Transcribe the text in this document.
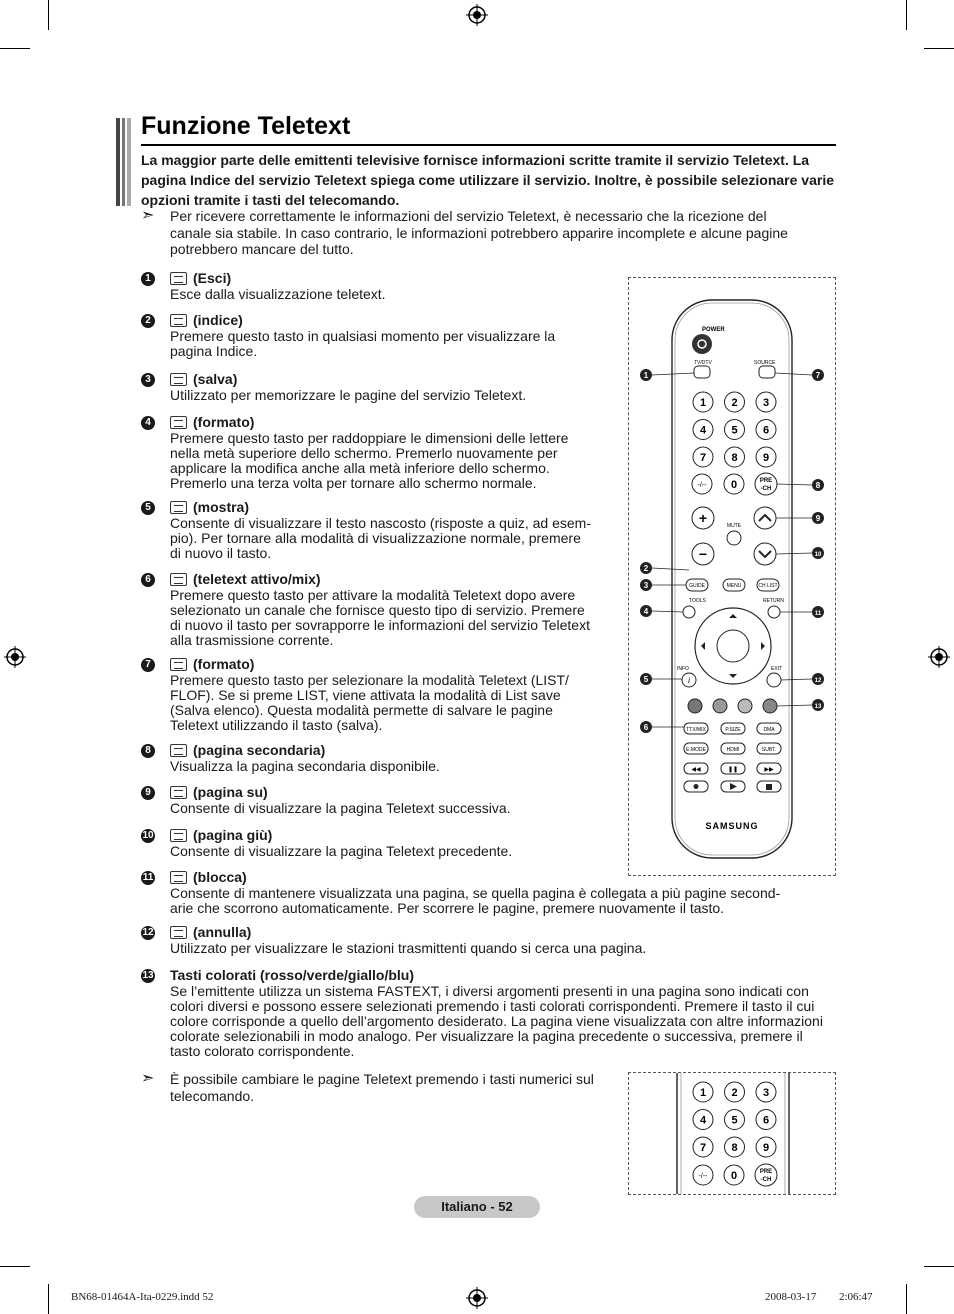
Funzione Teletext
La maggior parte delle emittenti televisive fornisce informazioni scritte tramite il servizio Teletext. La pagina Indice del servizio Teletext spiega come utilizzare il servizio. Inoltre, è possibile selezionare varie opzioni tramite i tasti del telecomando.
➣ Per ricevere correttamente le informazioni del servizio Teletext, è necessario che la ricezione del
canale sia stabile. In caso contrario, le informazioni potrebbero apparire incomplete e alcune pagine
potrebbero mancare del tutto.
1	(Esci)
Esce dalla visualizzazione teletext.
2	(indice)
Premere questo tasto in qualsiasi momento per visualizzare la
pagina Indice.
3	(salva)
Utilizzato per memorizzare le pagine del servizio Teletext.
4	(formato)
Premere questo tasto per raddoppiare le dimensioni delle lettere
nella metà superiore dello schermo. Premerlo nuovamente per
applicare la modifica anche alla metà inferiore dello schermo.
Premerlo una terza volta per tornare allo schermo normale.
5	(mostra)
Consente di visualizzare il testo nascosto (risposte a quiz, ad esem-
pio). Per tornare alla modalità di visualizzazione normale, premere
di nuovo il tasto.
6	(teletext attivo/mix)
Premere questo tasto per attivare la modalità Teletext dopo avere
selezionato un canale che fornisce questo tipo di servizio. Premere
di nuovo il tasto per sovrapporre le informazioni del servizio Teletext
alla trasmissione corrente.
7	(formato)
Premere questo tasto per selezionare la modalità Teletext (LIST/
FLOF). Se si preme LIST, viene attivata la modalità di List save
(Salva elenco). Questa modalità permette di salvare le pagine
Teletext utilizzando il tasto (salva).
8	(pagina secondaria)
Visualizza la pagina secondaria disponibile.
9	(pagina su)
Consente di visualizzare la pagina Teletext successiva.
10	(pagina giù)
Consente di visualizzare la pagina Teletext precedente.
11	(blocca)
Consente di mantenere visualizzata una pagina, se quella pagina è collegata a più pagine second-
arie che scorrono automaticamente. Per scorrere le pagine, premere nuovamente il tasto.
12	(annulla)
Utilizzato per visualizzare le stazioni trasmittenti quando si cerca una pagina.
13 Tasti colorati (rosso/verde/giallo/blu)
Se l’emittente utilizza un sistema FASTEXT, i diversi argomenti presenti in una pagina sono indicati con
colori diversi e possono essere selezionati premendo i tasti colorati corrispondenti. Premere il tasto il cui
colore corrisponde a quello dell’argomento desiderato. La pagina viene visualizzata con altre informazioni
colorate selezionabili in modo analogo. Per visualizzare la pagina precedente o successiva, premere il
tasto colorato corrispondente.
➣ È possibile cambiare le pagine Teletext premendo i tasti numerici sul
telecomando.
POWER
TV/DTV	SOURCE
1 2 3
4 5 6
7 8 9
-/-- 0	PRE
-CH
+
−
MUTE
GUIDE	MENU	CH LIST
TOOLS	RETURN
INFO
i
EXIT
TTX/MIX	P.SIZE	DMA
E.MODE	HDMI	SUBT.
◀◀	❚❚	▶▶
SAMSUNG
1
2
3
4
5
6
7
8
9
10
11
12
13
1 2 3
4 5 6
7 8 9
-/-- 0	PRE
-CH
Italiano - 52
BN68-01464A-Ita-0229.indd 52	2008-03-17 ￿￿ 2:06:47
